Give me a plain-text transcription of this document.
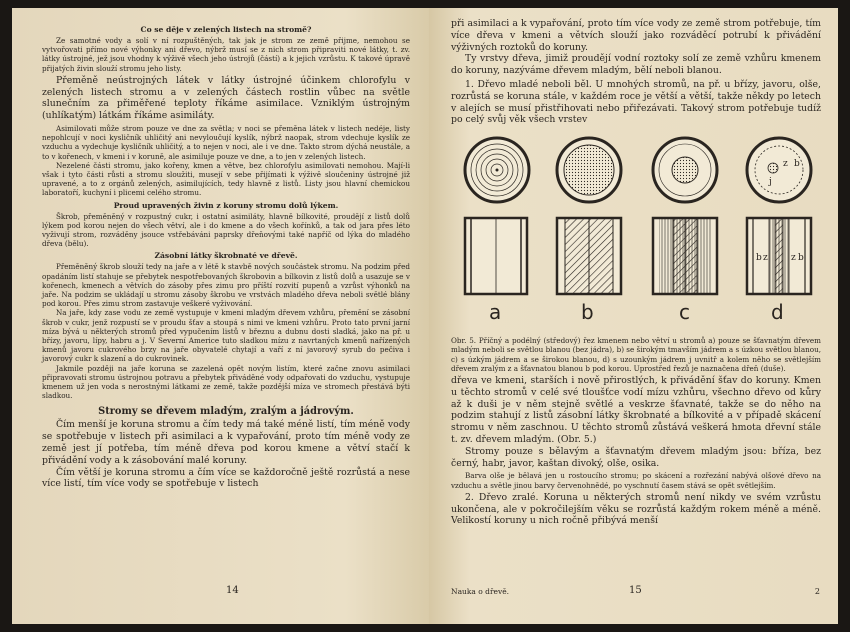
Co se děje v zelených listech na stromě?

Ze samotné vody a solí v ní rozpuštěných, tak jak je strom ze země přijme, nemohou se vytvořovati přímo nové výhonky ani dřevo, nýbrž musí se z nich strom připraviti nové látky, t. zv. látky ústrojné, jež jsou vhodny k výživě všech jeho ústrojů (částí) a k jejich vzrůstu. K takové úpravě přijatých živin slouží stromu jeho listy.

Přeměně neústrojných látek v látky ústrojné účinkem chlorofylu v zelených listech stromu a v zelených částech rostlin vůbec na světle slunečním za přiměřené teploty říkáme asimilace. Vzniklým ústrojným (uhlíkatým) látkám říkáme asimiláty.

Asimilovati může strom pouze ve dne za světla; v noci se přeměna látek v listech nedéje, listy nepohlcují v noci kysličník uhličitý ani nevyloučují kyslík, nýbrž naopak, strom vdechuje kyslík ze vzduchu a vydechuje kysličník uhličitý, a to nejen v noci, ale i ve dne. Takto strom dýchá neustále, a to v kořenech, v kmeni i v koruně, ale asimiluje pouze ve dne, a to jen v zelených listech.

Nezelené části stromu, jako kořeny, kmen a větve, bez chlorofylu asimilovati nemohou. Mají-li však i tyto části růsti a stromu sloužiti, musejí v sebe přijímati k výživě sloučeniny ústrojné již upravené, a to z orgánů zelených, asimilujících, tedy hlavně z listů. Listy jsou hlavní chemickou laboratoří, kuchyní i plicemi celého stromu.

Proud upravených živin z koruny stromu dolů lýkem.

Škrob, přeměněný v rozpustný cukr, i ostatní asimiláty, hlavně bílkovité, proudějí z listů dolů lýkem pod korou nejen do všech větví, ale i do kmene a do všech kořínků, a tak od jara přes léto vyživují strom, rozváděny jsouce vstřebáváni paprsky dřeňovými také napříč od lýka do mladého dřeva (bělu).

Zásobní látky škrobnaté ve dřevě.

Přeměněný škrob slouží tedy na jaře a v létě k stavbě nových součástek stromu. Na podzim před opadáním listí stahuje se přebytek nespotřebovaných škrobovin a bílkovin z listů dolů a usazuje se v kořenech, kmenech a větvích do zásoby přes zimu pro příští rozvití pupenů a vzrůst výhonků na jaře. Na podzim se ukládají u stromu zásoby škrobu ve vrstvách mladého dřeva neboli světlé blány pod korou. Přes zimu strom zastavuje veškeré vyživování.

Na jaře, kdy zase vodu ze země vystupuje v kmeni mladým dřevem vzhůru, přemění se zásobní škrob v cukr, jenž rozpustí se v proudu šťav a stoupá s nimi ve kmeni vzhůru. Proto tato první jarní míza bývá u některých stromů před vypučením listů v březnu a dubnu dosti sladká, jako na př. u břízy, javoru, lípy, habru a j. V Severní Americe tuto sladkou mízu z navrtaných kmenů nařízených kmenů javoru cukrového brzy na jaře obyvatelé chytají a vaří z ní javorový syrub do pečiva i javorový cukr k slazení a do cukrovinek.

Jakmile později na jaře koruna se zazelená opět novým listím, které začne znovu asimilaci připravovati stromu ústrojnou potravu a přebytek přiváděné vody odpařovati do vzduchu, vystupuje kmenem už jen voda s nerostnými látkami ze země, takže pozdější míza ve stromech přestává býti sladkou.

Stromy se dřevem mladým, zralým a jádrovým.

Čím menší je koruna stromu a čím tedy má také méně listí, tím méně vody se spotřebuje v listech při asimilaci a k vypařování, proto tím méně vody ze země jest jí potřeba, tím méně dřeva pod korou kmene a větví stačí k přivádění vody a k zásobování malé koruny.

Čím větší je koruna stromu a čím více se každoročně ještě rozrůstá a nese více listí, tím více vody se spotřebuje v listech

14

při asimilaci a k vypařování, proto tím více vody ze země strom potřebuje, tím více dřeva v kmeni a větvích slouží jako rozváděcí potrubí k přivádění výživných roztoků do koruny.

Ty vrstvy dřeva, jimiž proudějí vodní roztoky solí ze země vzhůru kmenem do koruny, nazýváme dřevem mladým, bělí neboli blanou.

1. Dřevo mladé neboli běl. U mnohých stromů, na př. u břízy, javoru, olše, rozrůstá se koruna stále, v každém roce je větší a větší, takže někdy po letech v alejích se musí přistřihovati nebo přiřezávati. Takový strom potřebuje tudíž po celý svůj věk všech vrstev

z b
j
b z	z b
a	b	c	d

Obr. 5. Příčný a podélný (středový) řez kmenem nebo větví u stromů a) pouze se šťavnatým dřevem mladým neboli se světlou blanou (bez jádra), b) se širokým tmavším jádrem a s úzkou světlou blanou, c) s úzkým jádrem a se širokou blanou, d) s uzounkým jádrem j uvnitř a kolem něho se světlejším dřevem zralým z a šťavnatou blanou b pod korou. Uprostřed řezů je naznačena dřeň (duše).

dřeva ve kmeni, starších i nově přirostlých, k přivádění šťav do koruny. Kmen u těchto stromů v celé své tloušťce vodí mízu vzhůru, všechno dřevo od kůry až k duši je v něm stejně světlé a veskrze šťavnaté, takže se do něho na podzim stahují z listů zásobní látky škrobnaté a bílkovité a v případě skácení stromu v něm zaschnou. U těchto stromů zůstává veškerá hmota dřevní stále t. zv. dřevem mladým. (Obr. 5.)

Stromy pouze s bělavým a šťavnatým dřevem mladým jsou: bříza, bez černý, habr, javor, kaštan divoký, olše, osika.

Barva olše je bělavá jen u rostoucího stromu; po skácení a rozřezání nabývá olšové dřevo na vzduchu a světle jinou barvy červenohnědé, po vyschnutí časem stává se opět světlejším.

2. Dřevo zralé. Koruna u některých stromů není nikdy ve svém vzrůstu ukončena, ale v pokročilejším věku se rozrůstá každým rokem méně a méně. Velikostí koruny u nich ročně přibývá menší

Nauka o dřevě.	15	2
